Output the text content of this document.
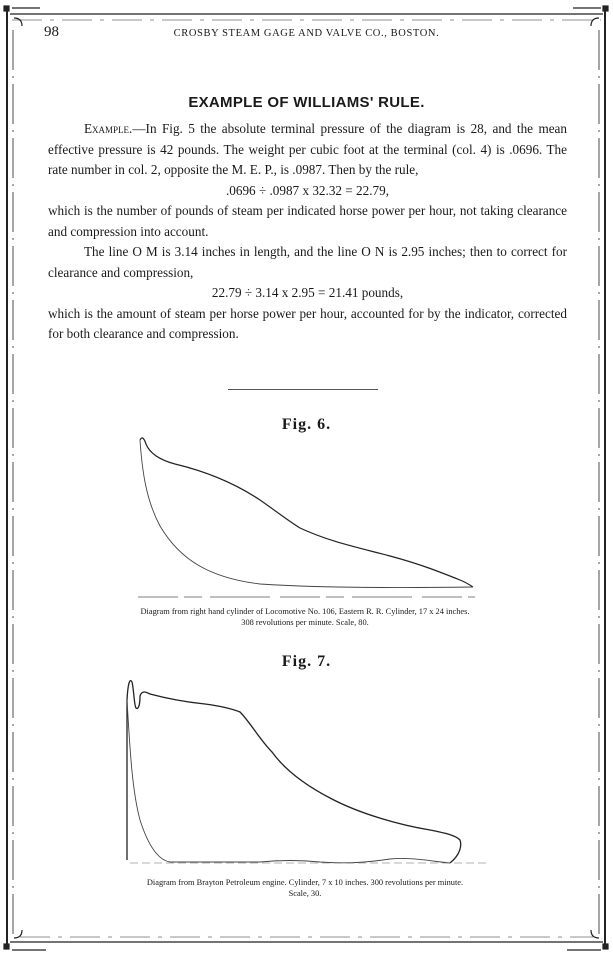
98	CROSBY STEAM GAGE AND VALVE CO., BOSTON.
EXAMPLE OF WILLIAMS' RULE.
Example.—In Fig. 5 the absolute terminal pressure of the diagram is 28, and the mean effective pressure is 42 pounds. The weight per cubic foot at the terminal (col. 4) is .0696. The rate number in col. 2, opposite the M. E. P., is .0987. Then by the rule,
.0696 ÷ .0987 x 32.32 = 22.79,
which is the number of pounds of steam per indicated horse power per hour, not taking clearance and compression into account.
The line O M is 3.14 inches in length, and the line O N is 2.95 inches; then to correct for clearance and compression,
22.79 ÷ 3.14 x 2.95 = 21.41 pounds,
which is the amount of steam per horse power per hour, accounted for by the indicator, corrected for both clearance and compression.
Fig. 6.
Diagram from right hand cylinder of Locomotive No. 106, Eastern R. R. Cylinder, 17 x 24 inches.
308 revolutions per minute. Scale, 80.
Fig. 7.
Diagram from Brayton Petroleum engine. Cylinder, 7 x 10 inches. 300 revolutions per minute.
Scale, 30.
